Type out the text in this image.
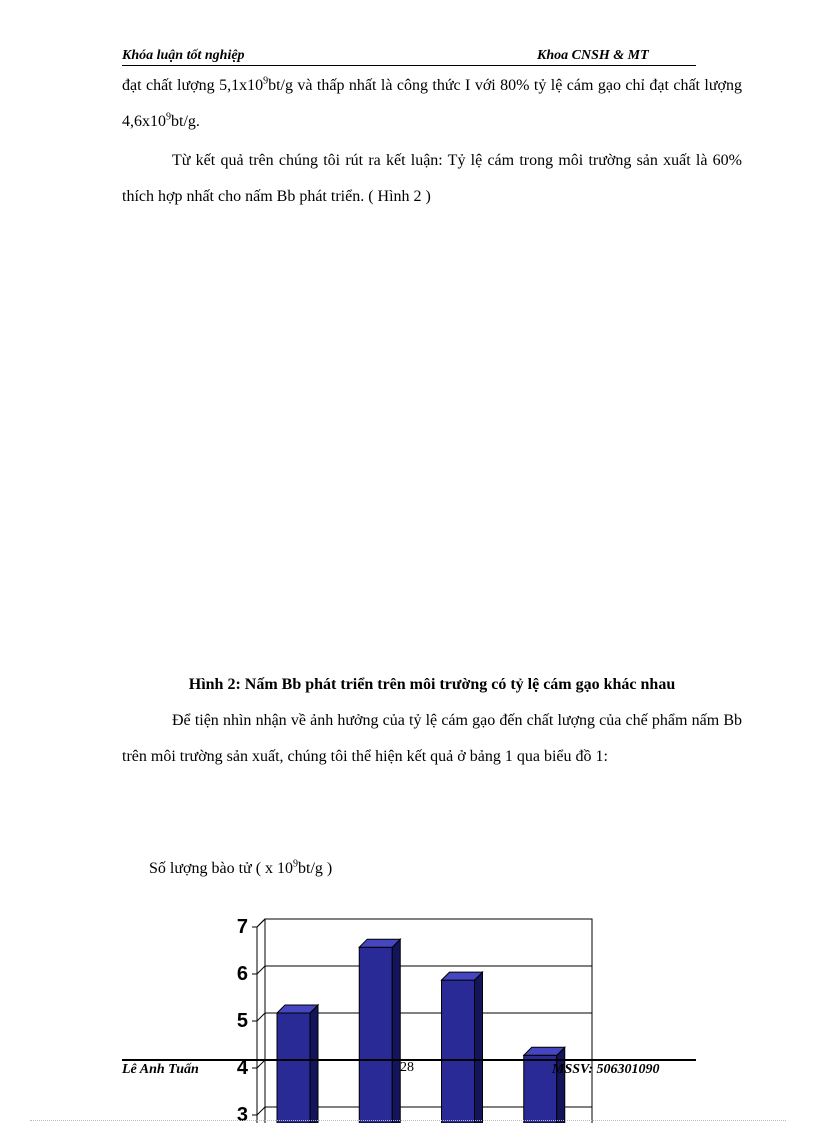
Khóa luận tốt nghiệp	Khoa CNSH & MT
đạt chất lượng $5,1x10^9bt/g$ và thấp nhất là công thức I với 80% tỷ lệ cám gạo chỉ đạt chất lượng $4,6x10^9bt/g$.
Từ kết quả trên chúng tôi rút ra kết luận: Tỷ lệ cám trong môi trường sản xuất là 60% thích hợp nhất cho nấm Bb phát triển. ( Hình 2 )
Hình 2: Nấm Bb phát triển trên môi trường có tỷ lệ cám gạo khác nhau
Để tiện nhìn nhận về ảnh hưởng của tỷ lệ cám gạo đến chất lượng của chế phẩm nấm Bb trên môi trường sản xuất, chúng tôi thể hiện kết quả ở bảng 1 qua biểu đồ 1:
Số lượng bào tử ( x $10^9bt/g$ )
3
4
5
6
7
Lê Anh Tuấn	28	MSSV: 506301090
